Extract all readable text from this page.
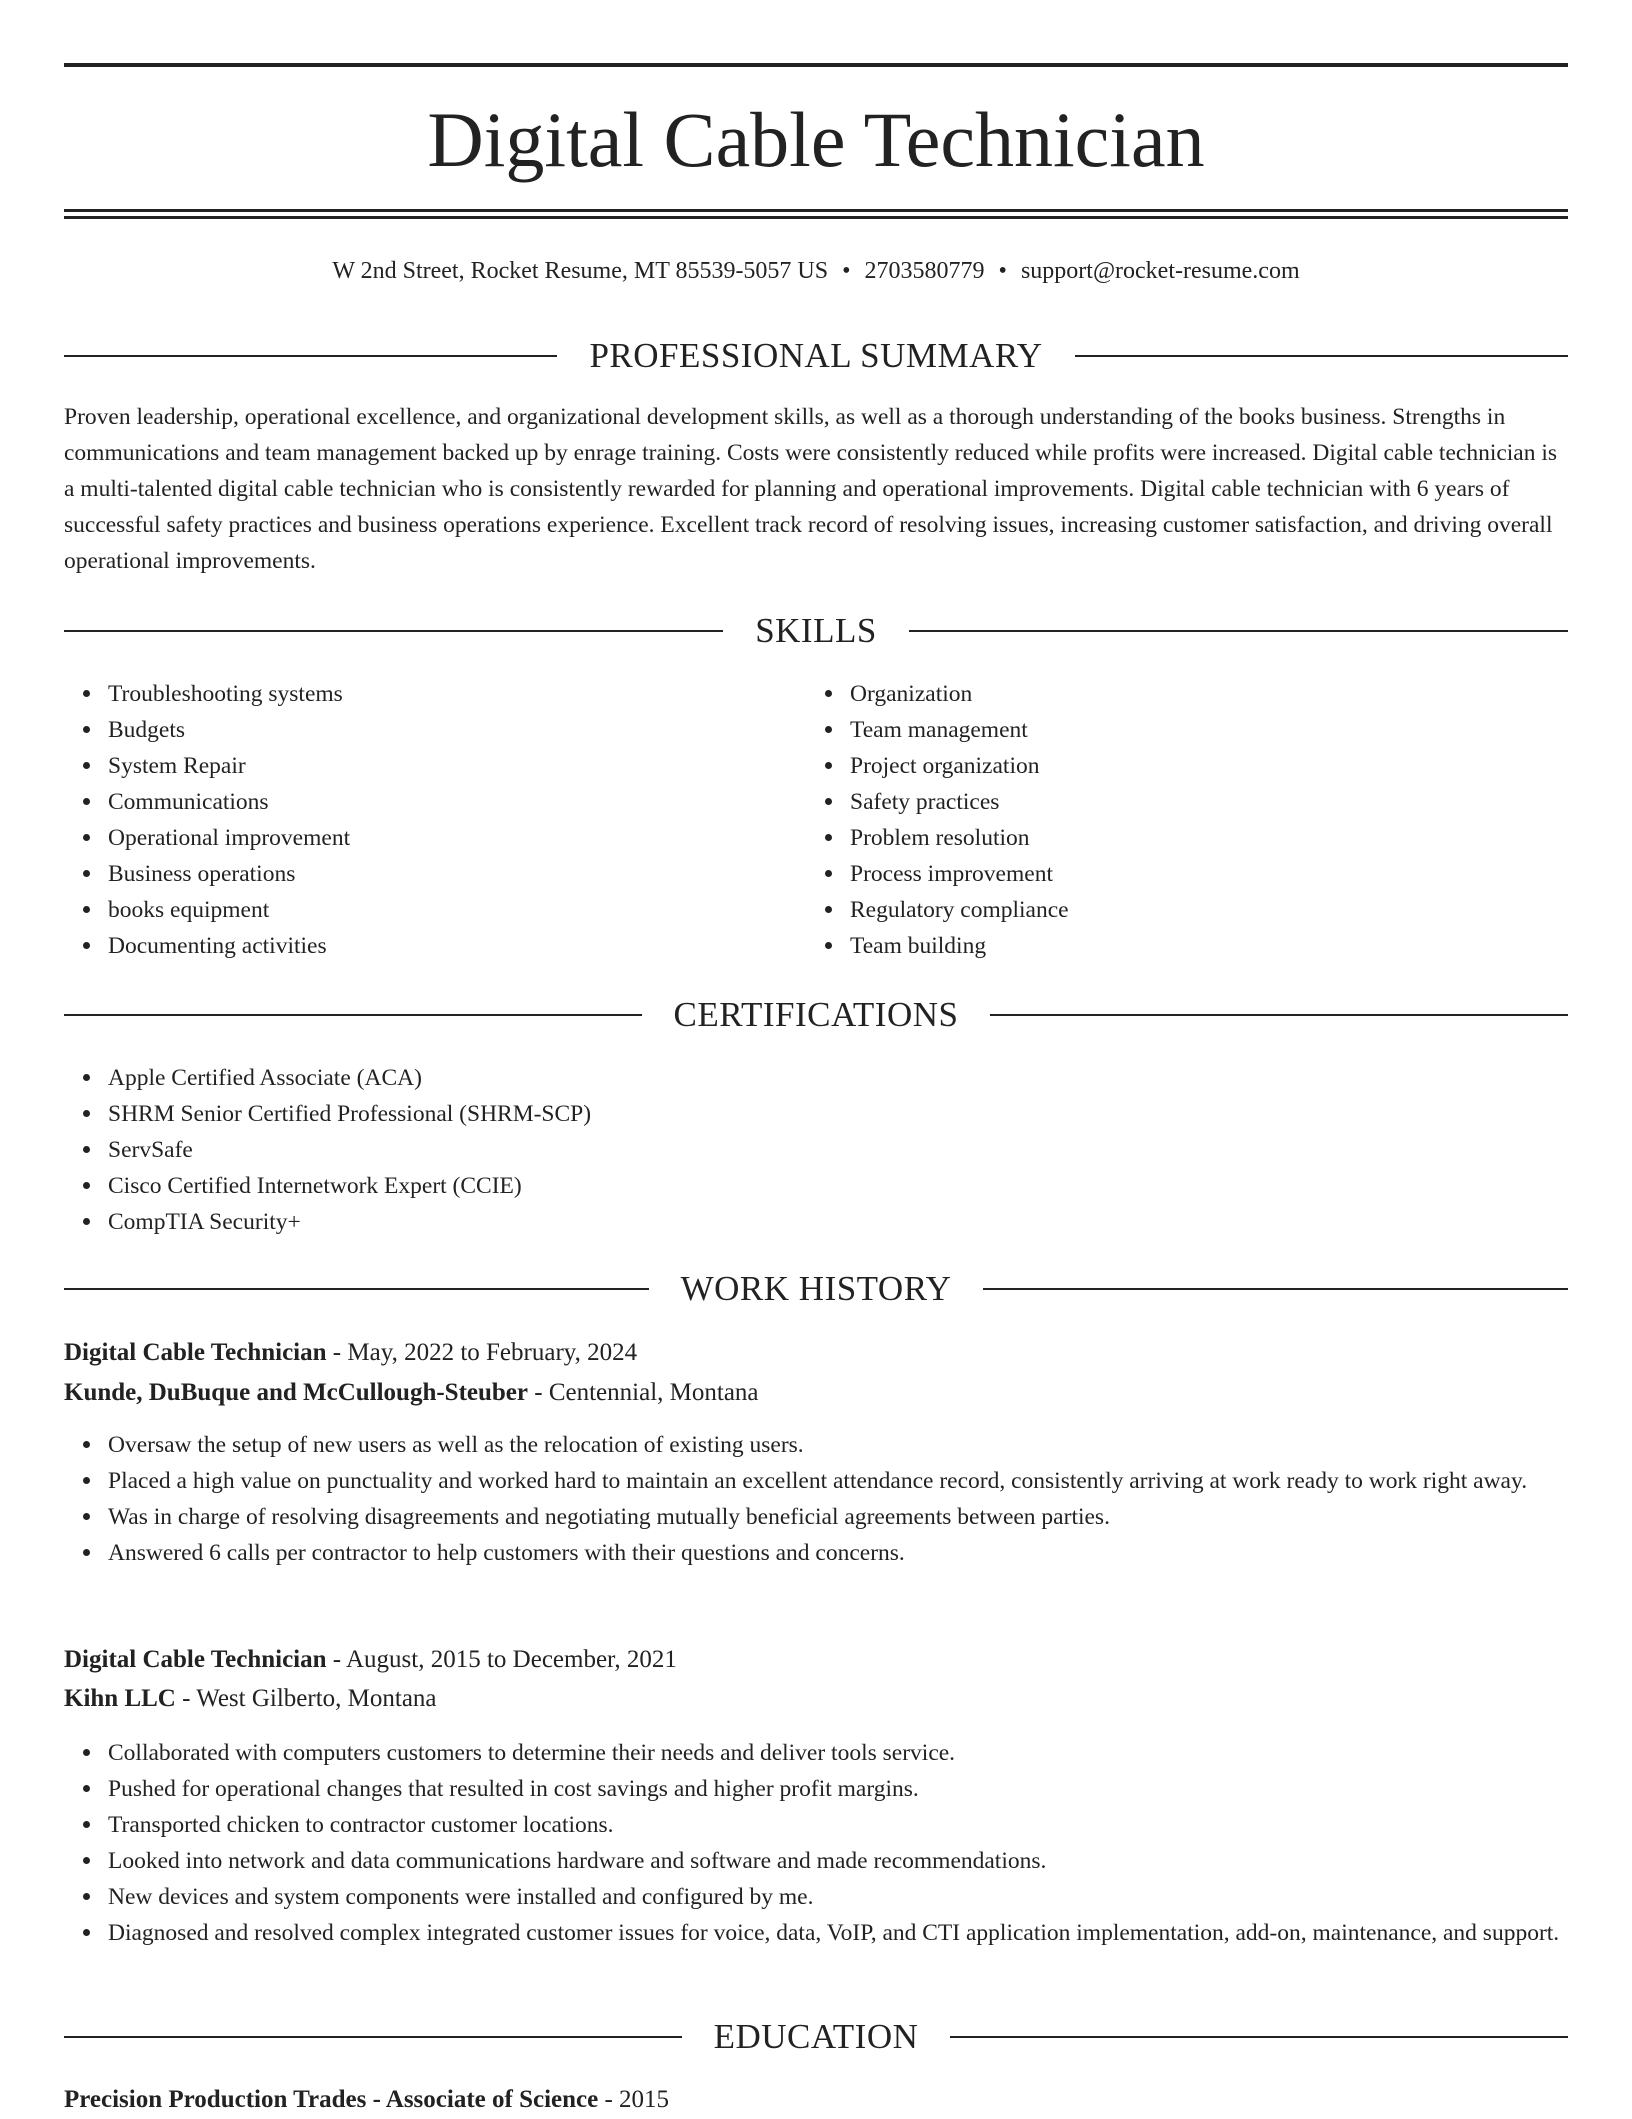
Digital Cable Technician
W 2nd Street, Rocket Resume, MT 85539-5057 US • 2703580779 • support@rocket-resume.com
PROFESSIONAL SUMMARY
Proven leadership, operational excellence, and organizational development skills, as well as a thorough understanding of the books business. Strengths in communications and team management backed up by enrage training. Costs were consistently reduced while profits were increased. Digital cable technician is a multi-talented digital cable technician who is consistently rewarded for planning and operational improvements. Digital cable technician with 6 years of successful safety practices and business operations experience. Excellent track record of resolving issues, increasing customer satisfaction, and driving overall operational improvements.
SKILLS
Troubleshooting systems
Budgets
System Repair
Communications
Operational improvement
Business operations
books equipment
Documenting activities
Organization
Team management
Project organization
Safety practices
Problem resolution
Process improvement
Regulatory compliance
Team building
CERTIFICATIONS
Apple Certified Associate (ACA)
SHRM Senior Certified Professional (SHRM-SCP)
ServSafe
Cisco Certified Internetwork Expert (CCIE)
CompTIA Security+
WORK HISTORY
Digital Cable Technician - May, 2022 to February, 2024
Kunde, DuBuque and McCullough-Steuber - Centennial, Montana
Oversaw the setup of new users as well as the relocation of existing users.
Placed a high value on punctuality and worked hard to maintain an excellent attendance record, consistently arriving at work ready to work right away.
Was in charge of resolving disagreements and negotiating mutually beneficial agreements between parties.
Answered 6 calls per contractor to help customers with their questions and concerns.
Digital Cable Technician - August, 2015 to December, 2021
Kihn LLC - West Gilberto, Montana
Collaborated with computers customers to determine their needs and deliver tools service.
Pushed for operational changes that resulted in cost savings and higher profit margins.
Transported chicken to contractor customer locations.
Looked into network and data communications hardware and software and made recommendations.
New devices and system components were installed and configured by me.
Diagnosed and resolved complex integrated customer issues for voice, data, VoIP, and CTI application implementation, add-on, maintenance, and support.
EDUCATION
Precision Production Trades - Associate of Science - 2015
